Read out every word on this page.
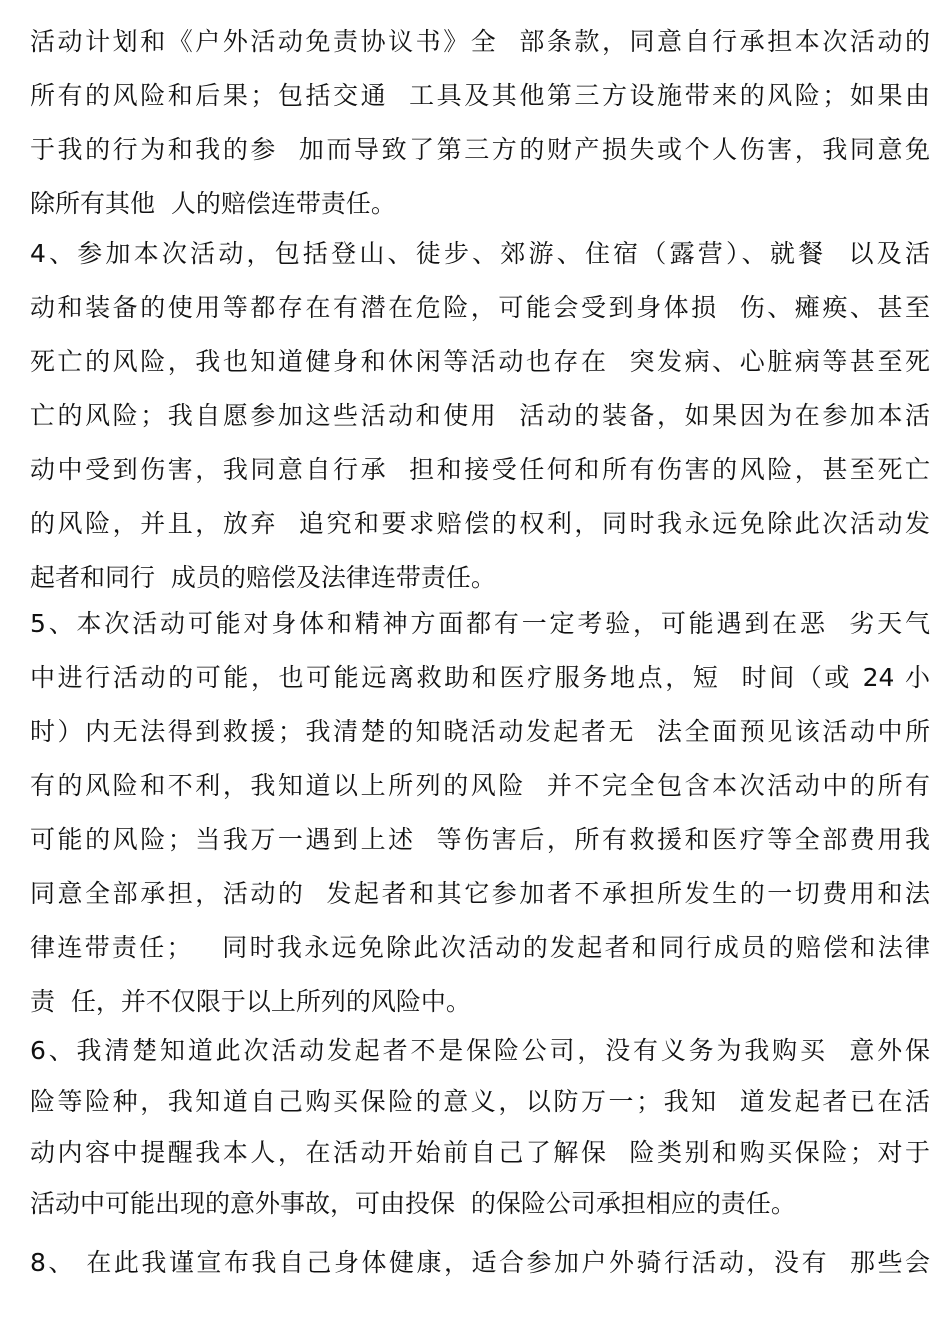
活动计划和《户外活动免责协议书》全  部条款，同意自行承担本次活动的
所有的风险和后果；包括交通  工具及其他第三方设施带来的风险；如果由
于我的行为和我的参  加而导致了第三方的财产损失或个人伤害，我同意免
除所有其他  人的赔偿连带责任。
4、参加本次活动，包括登山、徒步、郊游、住宿（露营）、就餐  以及活
动和装备的使用等都存在有潜在危险，可能会受到身体损  伤、瘫痪、甚至
死亡的风险，我也知道健身和休闲等活动也存在  突发病、心脏病等甚至死
亡的风险；我自愿参加这些活动和使用  活动的装备，如果因为在参加本活
动中受到伤害，我同意自行承  担和接受任何和所有伤害的风险，甚至死亡
的风险，并且，放弃  追究和要求赔偿的权利，同时我永远免除此次活动发
起者和同行  成员的赔偿及法律连带责任。
5、本次活动可能对身体和精神方面都有一定考验，可能遇到在恶  劣天气
中进行活动的可能，也可能远离救助和医疗服务地点，短  时间（或 24 小
时）内无法得到救援；我清楚的知晓活动发起者无  法全面预见该活动中所
有的风险和不利，我知道以上所列的风险  并不完全包含本次活动中的所有
可能的风险；当我万一遇到上述  等伤害后，所有救援和医疗等全部费用我
同意全部承担，活动的  发起者和其它参加者不承担所发生的一切费用和法
律连带责任；   同时我永远免除此次活动的发起者和同行成员的赔偿和法律
责  任，并不仅限于以上所列的风险中。
6、我清楚知道此次活动发起者不是保险公司，没有义务为我购买  意外保
险等险种，我知道自己购买保险的意义，以防万一；我知  道发起者已在活
动内容中提醒我本人，在活动开始前自己了解保  险类别和购买保险；对于
活动中可能出现的意外事故，可由投保  的保险公司承担相应的责任。
8、 在此我谨宣布我自己身体健康，适合参加户外骑行活动，没有  那些会
